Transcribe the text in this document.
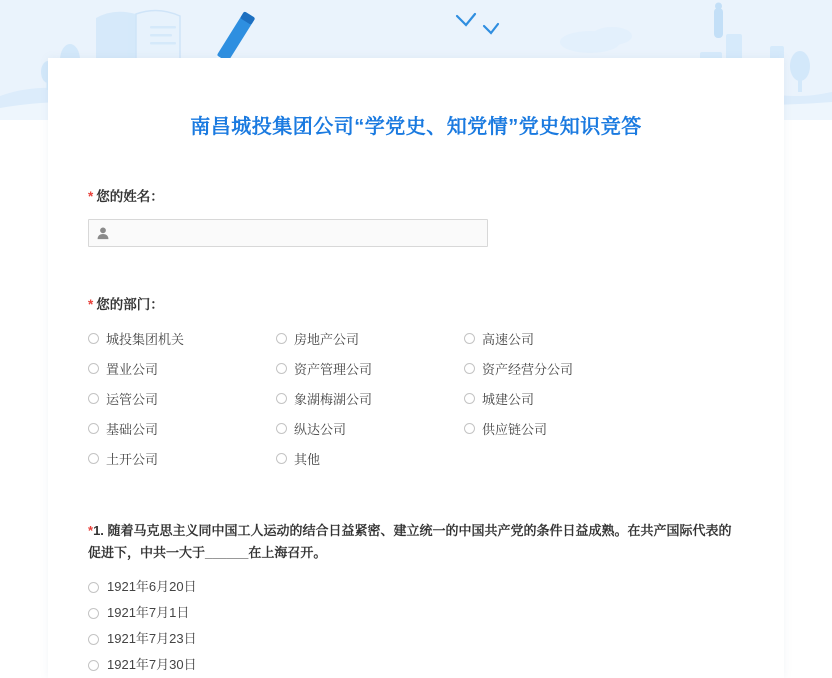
南昌城投集团公司“学党史、知党情”党史知识竞答
* 您的姓名：
* 您的部门：
城投集团机关	房地产公司	高速公司
置业公司	资产管理公司	资产经营分公司
运管公司	象湖梅湖公司	城建公司
基础公司	纵达公司	供应链公司
土开公司	其他
*1. 随着马克思主义同中国工人运动的结合日益紧密、建立统一的中国共产党的条件日益成熟。在共产国际代表的促进下，中共一大于______在上海召开。
1921年6月20日
1921年7月1日
1921年7月23日
1921年7月30日
